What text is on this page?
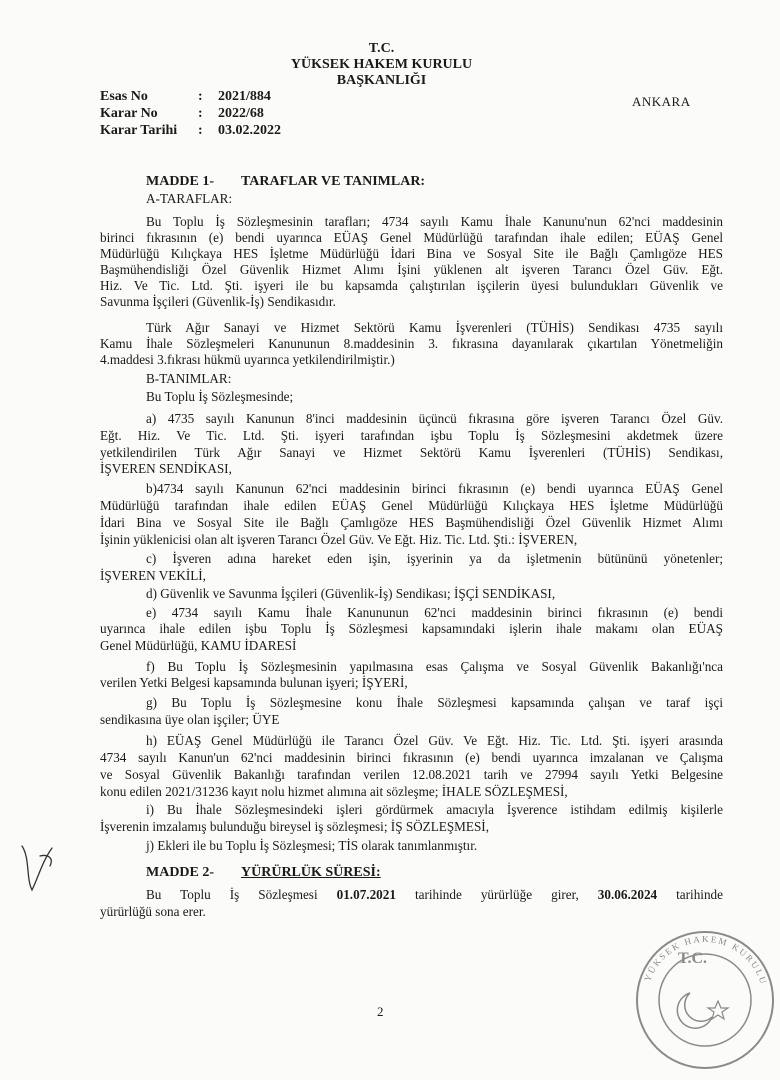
T.C.
YÜKSEK HAKEM KURULU
BAŞKANLIĞI
Esas No	:	2021/884
Karar No	:	2022/68
Karar Tarihi	:	03.02.2022
ANKARA
MADDE 1-	TARAFLAR VE TANIMLAR:
A-TARAFLAR:
Bu Toplu İş Sözleşmesinin tarafları; 4734 sayılı Kamu İhale Kanunu'nun 62'nci maddesinin
birinci fıkrasının (e) bendi uyarınca EÜAŞ Genel Müdürlüğü tarafından ihale edilen; EÜAŞ Genel
Müdürlüğü Kılıçkaya HES İşletme Müdürlüğü İdari Bina ve Sosyal Site ile Bağlı Çamlıgöze HES
Başmühendisliği Özel Güvenlik Hizmet Alımı İşini yüklenen alt işveren Tarancı Özel Güv. Eğt.
Hiz. Ve Tic. Ltd. Şti. işyeri ile bu kapsamda çalıştırılan işçilerin üyesi bulundukları Güvenlik ve
Savunma İşçileri (Güvenlik-İş) Sendikasıdır.
Türk Ağır Sanayi ve Hizmet Sektörü Kamu İşverenleri (TÜHİS) Sendikası 4735 sayılı
Kamu İhale Sözleşmeleri Kanununun 8.maddesinin 3. fıkrasına dayanılarak çıkartılan Yönetmeliğin
4.maddesi 3.fıkrası hükmü uyarınca yetkilendirilmiştir.)
B-TANIMLAR:
Bu Toplu İş Sözleşmesinde;
a) 4735 sayılı Kanunun 8'inci maddesinin üçüncü fıkrasına göre işveren Tarancı Özel Güv.
Eğt. Hiz. Ve Tic. Ltd. Şti. işyeri tarafından işbu Toplu İş Sözleşmesini akdetmek üzere
yetkilendirilen Türk Ağır Sanayi ve Hizmet Sektörü Kamu İşverenleri (TÜHİS) Sendikası,
İŞVEREN SENDİKASI,
b)4734 sayılı Kanunun 62'nci maddesinin birinci fıkrasının (e) bendi uyarınca EÜAŞ Genel
Müdürlüğü tarafından ihale edilen EÜAŞ Genel Müdürlüğü Kılıçkaya HES İşletme Müdürlüğü
İdari Bina ve Sosyal Site ile Bağlı Çamlıgöze HES Başmühendisliği Özel Güvenlik Hizmet Alımı
İşinin yüklenicisi olan alt işveren Tarancı Özel Güv. Ve Eğt. Hiz. Tic. Ltd. Şti.: İŞVEREN,
c) İşveren adına hareket eden işin, işyerinin ya da işletmenin bütününü yönetenler;
İŞVEREN VEKİLİ,
d) Güvenlik ve Savunma İşçileri (Güvenlik-İş) Sendikası; İŞÇİ SENDİKASI,
e) 4734 sayılı Kamu İhale Kanununun 62'nci maddesinin birinci fıkrasının (e) bendi
uyarınca ihale edilen işbu Toplu İş Sözleşmesi kapsamındaki işlerin ihale makamı olan EÜAŞ
Genel Müdürlüğü, KAMU İDARESİ
f) Bu Toplu İş Sözleşmesinin yapılmasına esas Çalışma ve Sosyal Güvenlik Bakanlığı'nca
verilen Yetki Belgesi kapsamında bulunan işyeri; İŞYERİ,
g) Bu Toplu İş Sözleşmesine konu İhale Sözleşmesi kapsamında çalışan ve taraf işçi
sendikasına üye olan işçiler; ÜYE
h) EÜAŞ Genel Müdürlüğü ile Tarancı Özel Güv. Ve Eğt. Hiz. Tic. Ltd. Şti. işyeri arasında
4734 sayılı Kanun'un 62'nci maddesinin birinci fıkrasının (e) bendi uyarınca imzalanan ve Çalışma
ve Sosyal Güvenlik Bakanlığı tarafından verilen 12.08.2021 tarih ve 27994 sayılı Yetki Belgesine
konu edilen 2021/31236 kayıt nolu hizmet alımına ait sözleşme; İHALE SÖZLEŞMESİ,
i) Bu İhale Sözleşmesindeki işleri gördürmek amacıyla İşverence istihdam edilmiş kişilerle
İşverenin imzalamış bulunduğu bireysel iş sözleşmesi; İŞ SÖZLEŞMESİ,
j) Ekleri ile bu Toplu İş Sözleşmesi; TİS olarak tanımlanmıştır.
MADDE 2-	YÜRÜRLÜK SÜRESİ:
Bu Toplu İş Sözleşmesi 01.07.2021 tarihinde yürürlüğe girer, 30.06.2024 tarihinde
yürürlüğü sona erer.
YÜKSEK HAKEM KURULU
T.C.
2
